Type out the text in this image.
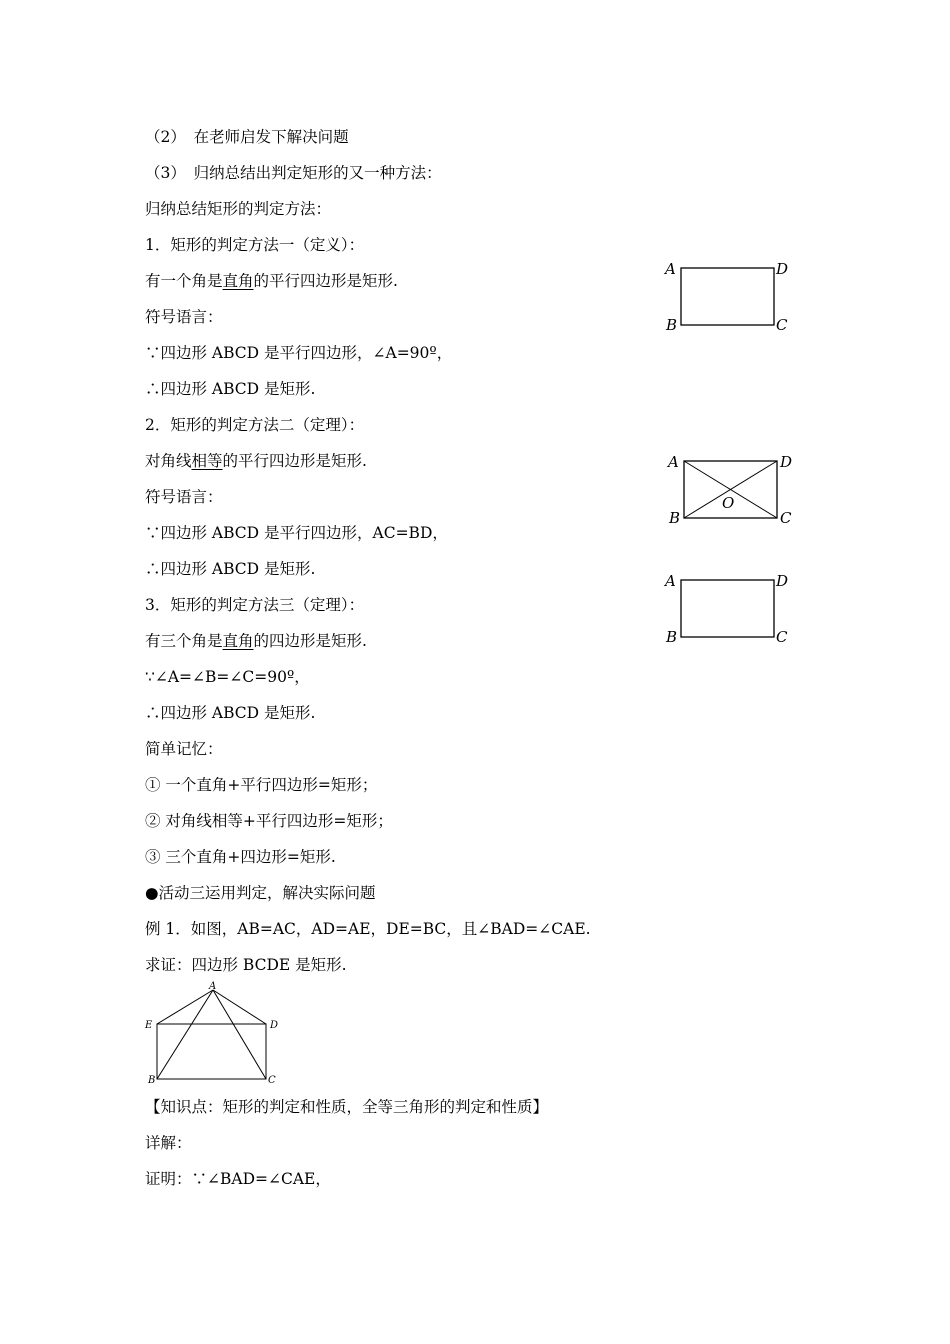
（2）　在老师启发下解决问题
（3）　归纳总结出判定矩形的又一种方法：
归纳总结矩形的判定方法：
1．矩形的判定方法一（定义）：
有一个角是直角的平行四边形是矩形.
符号语言：
∵四边形 ABCD 是平行四边形，∠A=90º，
∴四边形 ABCD 是矩形.
2．矩形的判定方法二（定理）：
对角线相等的平行四边形是矩形.
符号语言：
∵四边形 ABCD 是平行四边形，AC=BD，
∴四边形 ABCD 是矩形.
3．矩形的判定方法三（定理）：
有三个角是直角的四边形是矩形.
∵∠A=∠B=∠C=90º，
∴四边形 ABCD 是矩形.
简单记忆：
① 一个直角+平行四边形=矩形；
② 对角线相等+平行四边形=矩形；
③ 三个直角+四边形=矩形.
●活动三运用判定，解决实际问题
例 1．如图，AB=AC，AD=AE，DE=BC，且∠BAD=∠CAE.
求证：四边形 BCDE 是矩形.
【知识点：矩形的判定和性质，全等三角形的判定和性质】
详解：
证明：∵∠BAD=∠CAE，
A	D
B	C
A	D
B	C
O
A	D
B	C
A
E	D
B	C
